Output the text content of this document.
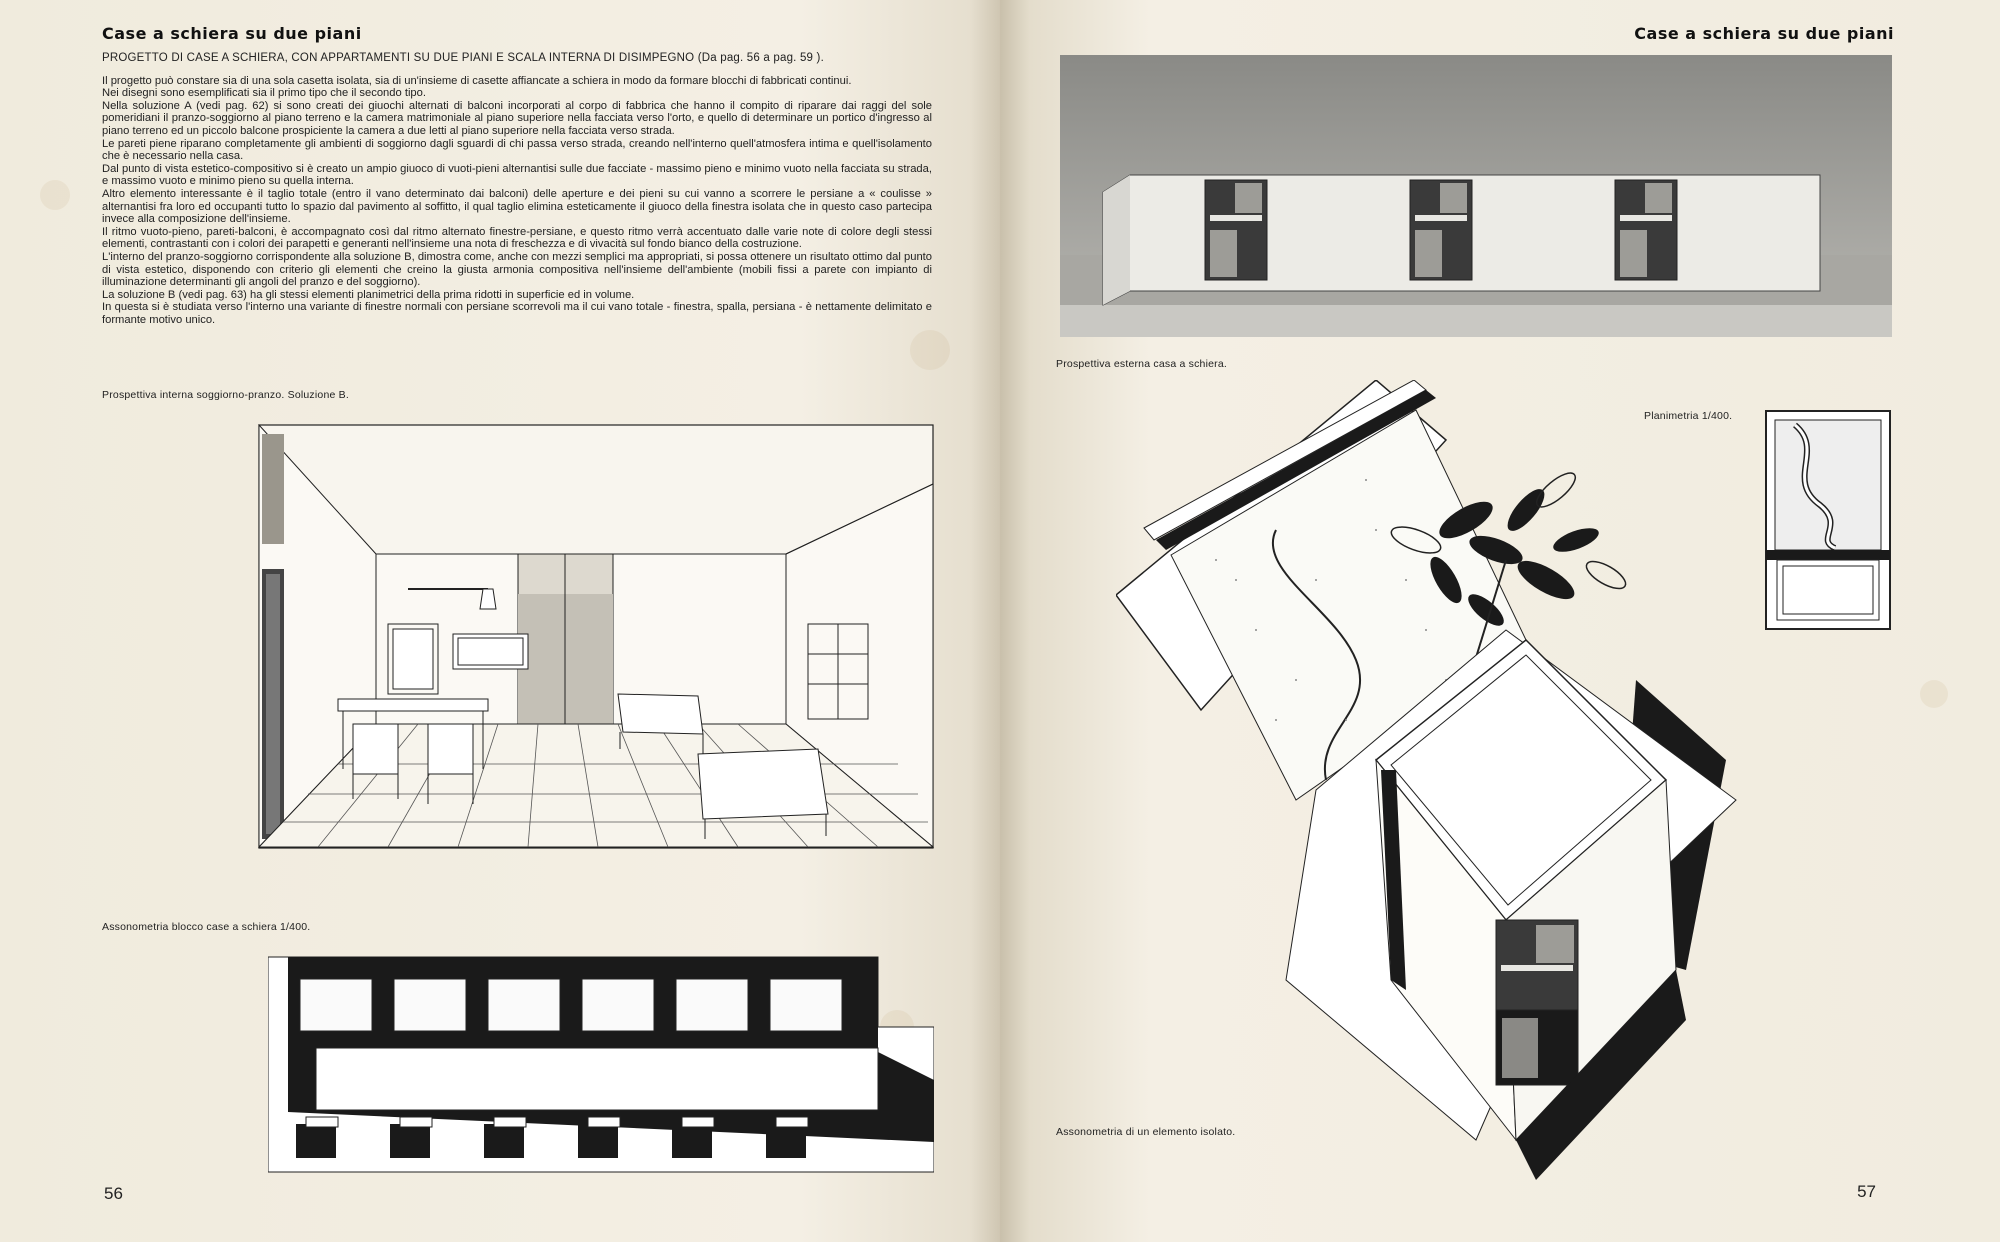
Case a schiera su due piani

PROGETTO DI CASE A SCHIERA, CON APPARTAMENTI SU DUE PIANI E SCALA INTERNA DI DISIMPEGNO (Da pag. 56 a pag. 59 ).

Il progetto può constare sia di una sola casetta isolata, sia di un'insieme di casette affiancate a schiera in modo da formare blocchi di fabbricati continui.

Nei disegni sono esemplificati sia il primo tipo che il secondo tipo.

Nella soluzione A (vedi pag. 62) si sono creati dei giuochi alternati di balconi incorporati al corpo di fabbrica che hanno il compito di riparare dai raggi del sole pomeridiani il pranzo-soggiorno al piano terreno e la camera matrimoniale al piano superiore nella facciata verso l'orto, e quello di determinare un portico d'ingresso al piano terreno ed un piccolo balcone prospiciente la camera a due letti al piano superiore nella facciata verso strada.

Le pareti piene riparano completamente gli ambienti di soggiorno dagli sguardi di chi passa verso strada, creando nell'interno quell'atmosfera intima e quell'isolamento che è necessario nella casa.

Dal punto di vista estetico-compositivo si è creato un ampio giuoco di vuoti-pieni alternantisi sulle due facciate - massimo pieno e minimo vuoto nella facciata su strada, e massimo vuoto e minimo pieno su quella interna.

Altro elemento interessante è il taglio totale (entro il vano determinato dai balconi) delle aperture e dei pieni su cui vanno a scorrere le persiane a « coulisse » alternantisi fra loro ed occupanti tutto lo spazio dal pavimento al soffitto, il qual taglio elimina esteticamente il giuoco della finestra isolata che in questo caso partecipa invece alla composizione dell'insieme.

Il ritmo vuoto-pieno, pareti-balconi, è accompagnato così dal ritmo alternato finestre-persiane, e questo ritmo verrà accentuato dalle varie note di colore degli stessi elementi, contrastanti con i colori dei parapetti e generanti nell'insieme una nota di freschezza e di vivacità sul fondo bianco della costruzione.

L'interno del pranzo-soggiorno corrispondente alla soluzione B, dimostra come, anche con mezzi semplici ma appropriati, si possa ottenere un risultato ottimo dal punto di vista estetico, disponendo con criterio gli elementi che creino la giusta armonia compositiva nell'insieme dell'ambiente (mobili fissi a parete con impianto di illuminazione determinanti gli angoli del pranzo e del soggiorno).

La soluzione B (vedi pag. 63) ha gli stessi elementi planimetrici della prima ridotti in superficie ed in volume.

In questa si è studiata verso l'interno una variante di finestre normali con persiane scorrevoli ma il cui vano totale - finestra, spalla, persiana - è nettamente delimitato e formante motivo unico.

Prospettiva interna soggiorno-pranzo. Soluzione B.
Assonometria blocco case a schiera 1/400.
56
Case a schiera su due piani
Prospettiva esterna casa a schiera.
Planimetria 1/400.
Assonometria di un elemento isolato.
57
